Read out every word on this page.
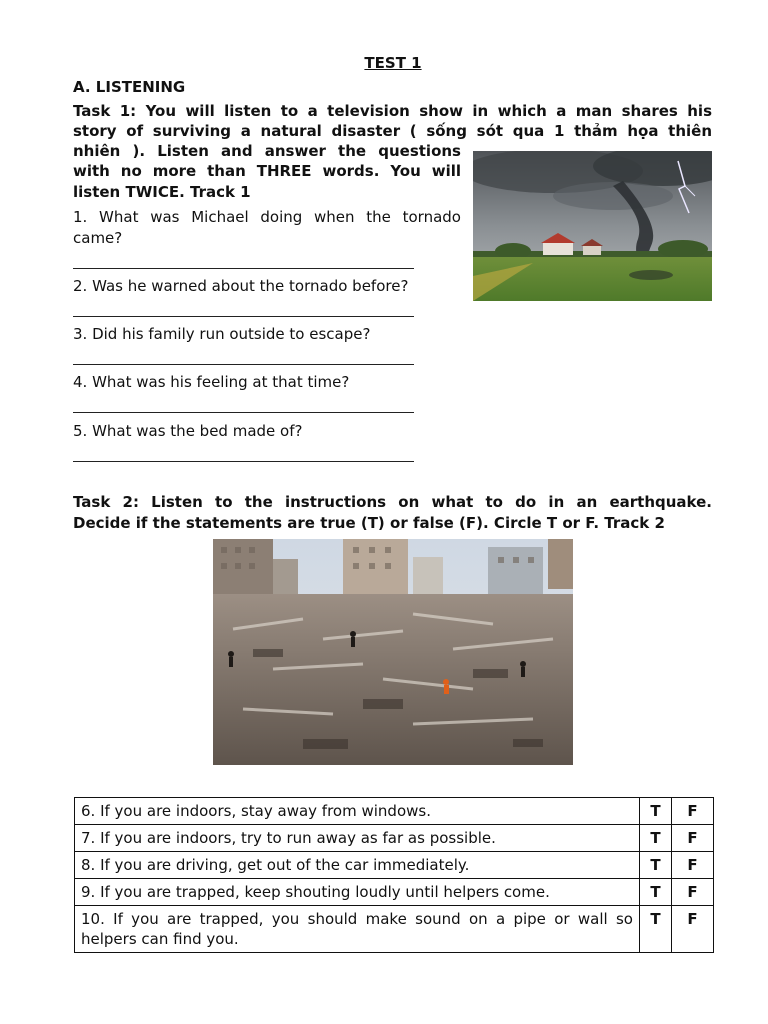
TEST 1
A. LISTENING
Task 1: You will listen to a television show in which a man shares his
story of surviving a natural disaster ( sống sót qua 1 thảm họa thiên
nhiên ). Listen and answer the questions
with no more than THREE words. You will
listen TWICE. Track 1
1. What was Michael doing when the tornado
came?
2. Was he warned about the tornado before?
3. Did his family run outside to escape?
4. What was his feeling at that time?
5. What was the bed made of?
Task 2: Listen to the instructions on what to do in an earthquake.
Decide if the statements are true (T) or false (F). Circle T or F. Track 2
6. If you are indoors, stay away from windows.	T	F
7. If you are indoors, try to run away as far as possible.	T	F
8. If you are driving, get out of the car immediately.	T	F
9. If you are trapped, keep shouting loudly until helpers come.	T	F
10. If you are trapped, you should make sound on a pipe or wall so helpers can find you.	T	F
